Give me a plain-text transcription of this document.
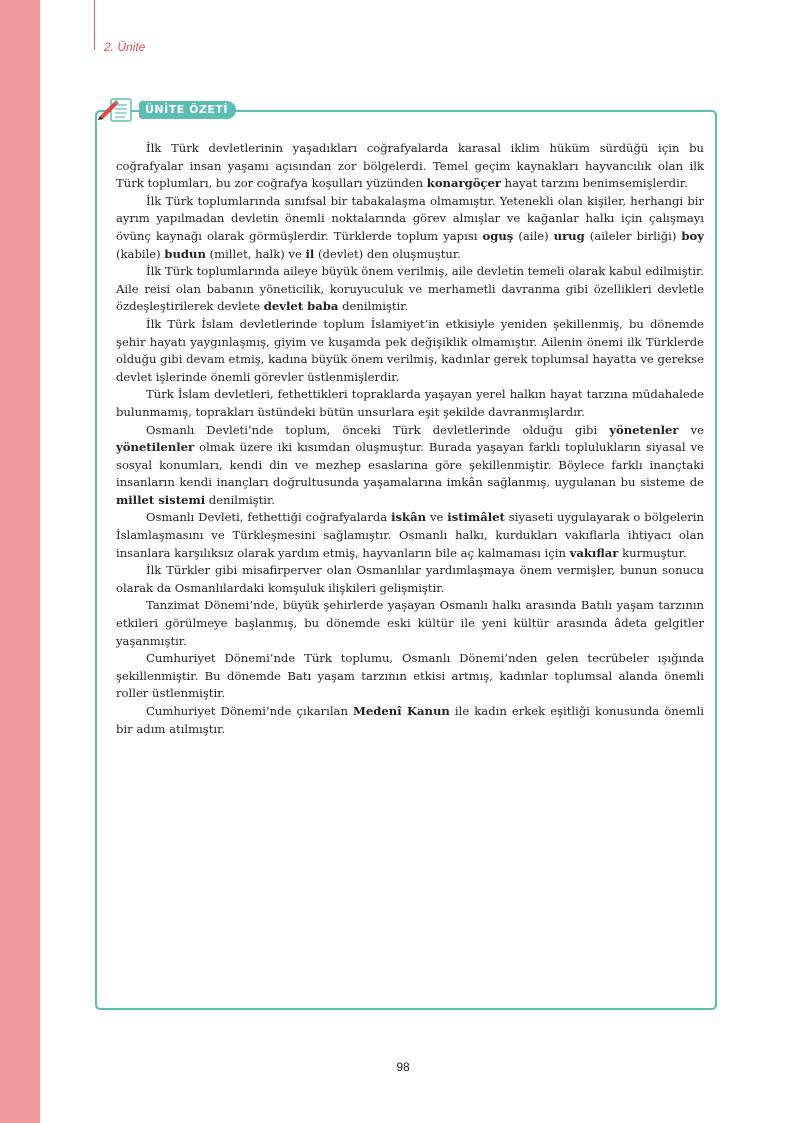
2. Ünite
ÜNİTE ÖZETİ

İlk Türk devletlerinin yaşadıkları coğrafyalarda karasal iklim hüküm sürdüğü için bu coğrafyalar insan yaşamı açısından zor bölgelerdi. Temel geçim kaynakları hayvancılık olan ilk Türk toplumları, bu zor coğrafya koşulları yüzünden konargöçer hayat tarzını benimsemişlerdir.

İlk Türk toplumlarında sınıfsal bir tabakalaşma olmamıştır. Yetenekli olan kişiler, herhangi bir ayrım yapılmadan devletin önemli noktalarında görev almışlar ve kağanlar halkı için çalışmayı övünç kaynağı olarak görmüşlerdir. Türklerde toplum yapısı oguş (aile) urug (aileler birliği) boy (kabile) budun (millet, halk) ve il (devlet) den oluşmuştur.

İlk Türk toplumlarında aileye büyük önem verilmiş, aile devletin temeli olarak kabul edilmiştir. Aile reisi olan babanın yöneticilik, koruyuculuk ve merhametli davranma gibi özellikleri devletle özdeşleştirilerek devlete devlet baba denilmiştir.

İlk Türk İslam devletlerinde toplum İslamiyet’in etkisiyle yeniden şekillenmiş, bu dönemde şehir hayatı yaygınlaşmış, giyim ve kuşamda pek değişiklik olmamıştır. Ailenin önemi ilk Türklerde olduğu gibi devam etmiş, kadına büyük önem verilmiş, kadınlar gerek toplumsal hayatta ve gerekse devlet işlerinde önemli görevler üstlenmişlerdir.

Türk İslam devletleri, fethettikleri topraklarda yaşayan yerel halkın hayat tarzına müdahalede bulunmamış, toprakları üstündeki bütün unsurlara eşit şekilde davranmışlardır.

Osmanlı Devleti’nde toplum, önceki Türk devletlerinde olduğu gibi yönetenler ve yönetilenler olmak üzere iki kısımdan oluşmuştur. Burada yaşayan farklı toplulukların siyasal ve sosyal konumları, kendi din ve mezhep esaslarına göre şekillenmiştir. Böylece farklı inançtaki insanların kendi inançları doğrultusunda yaşamalarına imkân sağlanmış, uygulanan bu sisteme de millet sistemi denilmiştir.

Osmanlı Devleti, fethettiği coğrafyalarda iskân ve istimâlet siyaseti uygulayarak o bölgelerin İslamlaşmasını ve Türkleşmesini sağlamıştır. Osmanlı halkı, kurdukları vakıflarla ihtiyacı olan insanlara karşılıksız olarak yardım etmiş, hayvanların bile aç kalmaması için vakıflar kurmuştur.

İlk Türkler gibi misafirperver olan Osmanlılar yardımlaşmaya önem vermişler, bunun sonucu olarak da Osmanlılardaki komşuluk ilişkileri gelişmiştir.

Tanzimat Dönemi’nde, büyük şehirlerde yaşayan Osmanlı halkı arasında Batılı yaşam tarzının etkileri görülmeye başlanmış, bu dönemde eski kültür ile yeni kültür arasında âdeta gelgitler yaşanmıştır.

Cumhuriyet Dönemi’nde Türk toplumu, Osmanlı Dönemi’nden gelen tecrübeler ışığında şekillenmiştir. Bu dönemde Batı yaşam tarzının etkisi artmış, kadınlar toplumsal alanda önemli roller üstlenmiştir.

Cumhuriyet Dönemi’nde çıkarılan Medenî Kanun ile kadın erkek eşitliği konusunda önemli bir adım atılmıştır.

98
